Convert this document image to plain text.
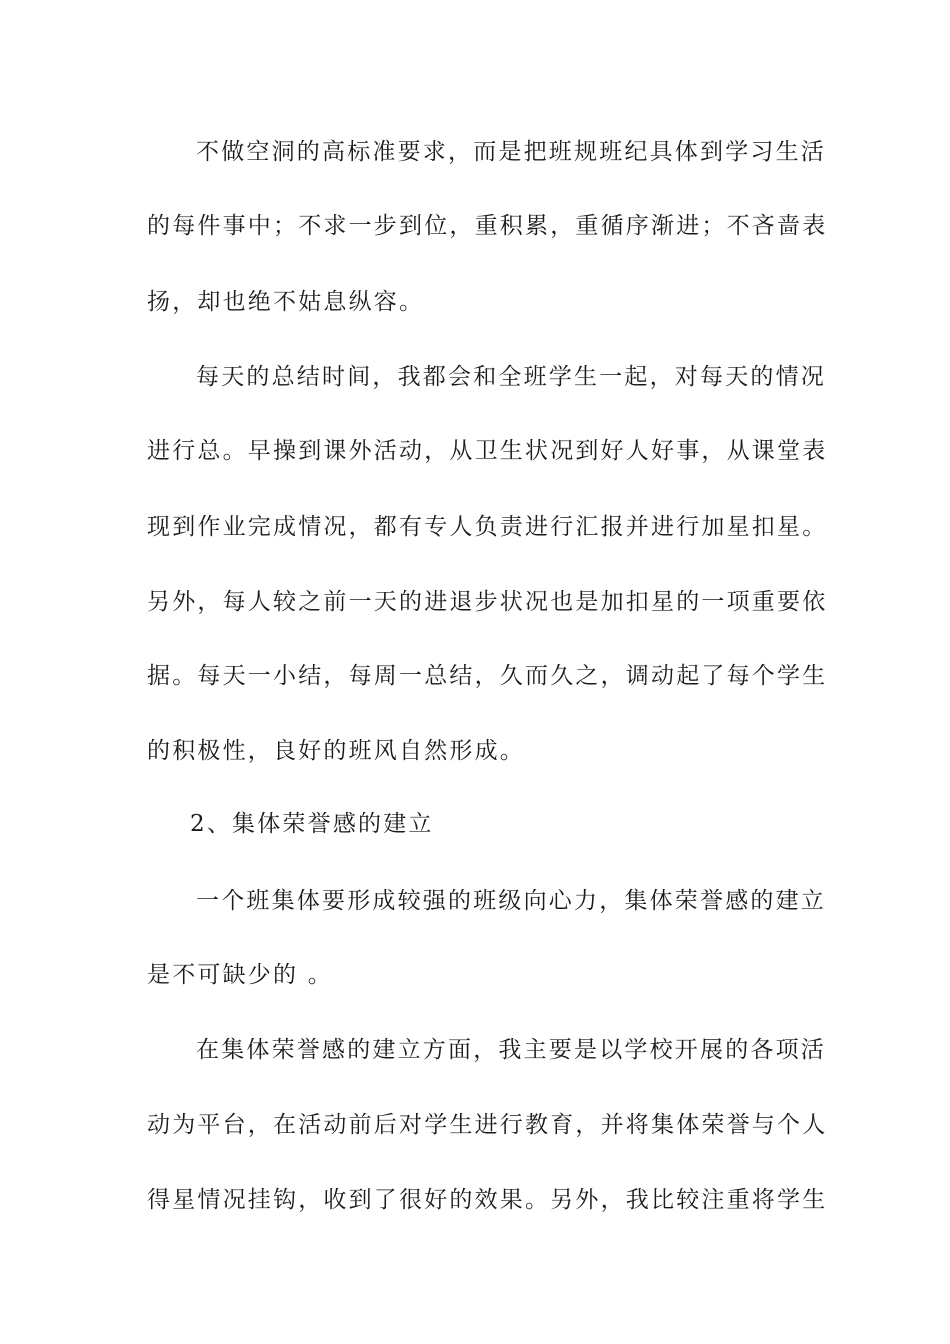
不做空洞的高标准要求，而是把班规班纪具体到学习生活
的每件事中；不求一步到位，重积累，重循序渐进；不吝啬表
扬，却也绝不姑息纵容。
每天的总结时间，我都会和全班学生一起，对每天的情况
进行总。早操到课外活动，从卫生状况到好人好事，从课堂表
现到作业完成情况，都有专人负责进行汇报并进行加星扣星。
另外，每人较之前一天的进退步状况也是加扣星的一项重要依
据。每天一小结，每周一总结，久而久之，调动起了每个学生
的积极性，良好的班风自然形成。
2、集体荣誉感的建立
一个班集体要形成较强的班级向心力，集体荣誉感的建立
是不可缺少的 。
在集体荣誉感的建立方面，我主要是以学校开展的各项活
动为平台，在活动前后对学生进行教育，并将集体荣誉与个人
得星情况挂钩，收到了很好的效果。另外，我比较注重将学生
